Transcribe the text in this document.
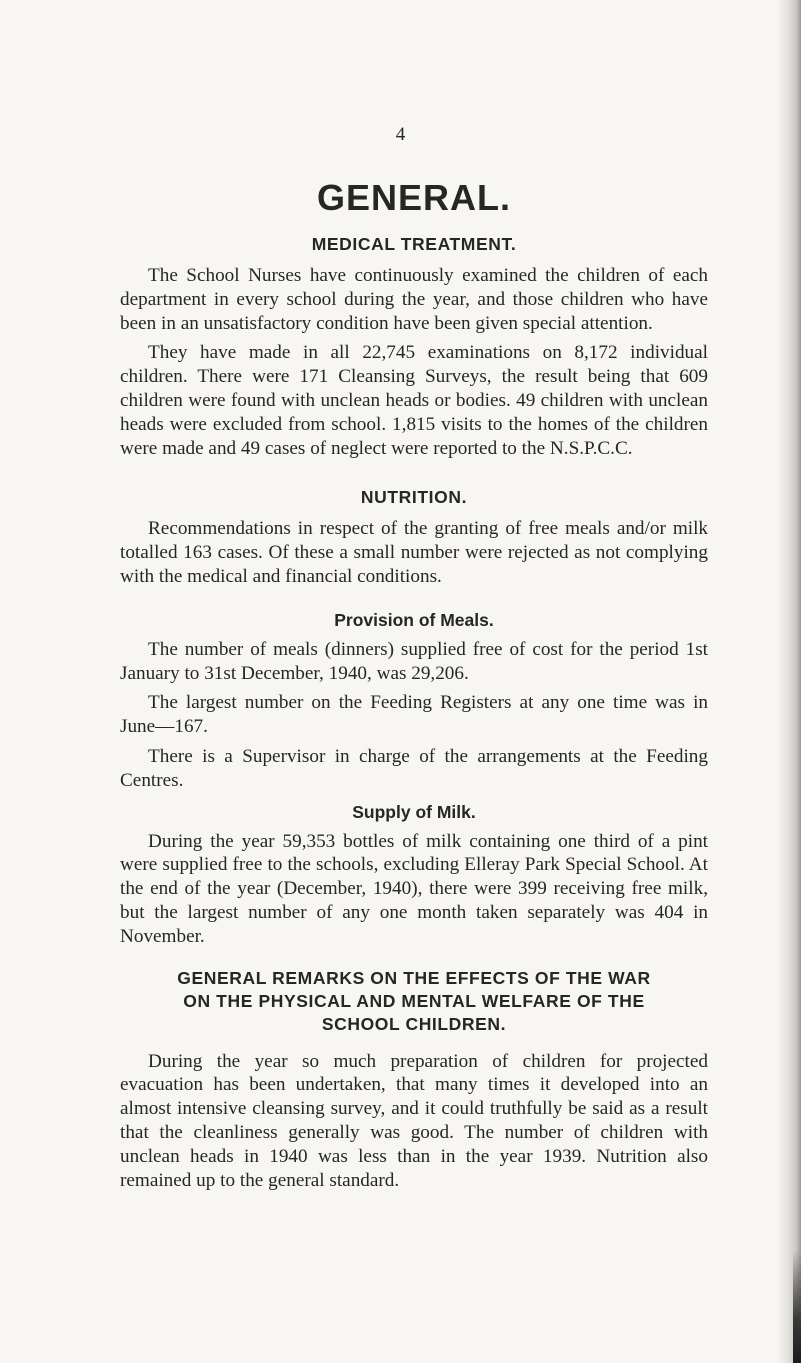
4
GENERAL.
MEDICAL TREATMENT.

The School Nurses have continuously examined the children of each department in every school during the year, and those children who have been in an unsatisfactory condition have been given special attention.

They have made in all 22,745 examinations on 8,172 individual children. There were 171 Cleansing Surveys, the result being that 609 children were found with unclean heads or bodies. 49 children with unclean heads were excluded from school. 1,815 visits to the homes of the children were made and 49 cases of neglect were reported to the N.S.P.C.C.

NUTRITION.

Recommendations in respect of the granting of free meals and/or milk totalled 163 cases. Of these a small number were rejected as not complying with the medical and financial conditions.

Provision of Meals.

The number of meals (dinners) supplied free of cost for the period 1st January to 31st December, 1940, was 29,206.

The largest number on the Feeding Registers at any one time was in June—167.

There is a Supervisor in charge of the arrangements at the Feeding Centres.

Supply of Milk.

During the year 59,353 bottles of milk containing one third of a pint were supplied free to the schools, excluding Elleray Park Special School. At the end of the year (December, 1940), there were 399 receiving free milk, but the largest number of any one month taken separately was 404 in November.

GENERAL REMARKS ON THE EFFECTS OF THE WAR
ON THE PHYSICAL AND MENTAL WELFARE OF THE
SCHOOL CHILDREN.

During the year so much preparation of children for projected evacuation has been undertaken, that many times it developed into an almost intensive cleansing survey, and it could truthfully be said as a result that the cleanliness generally was good. The number of children with unclean heads in 1940 was less than in the year 1939. Nutrition also remained up to the general standard.
